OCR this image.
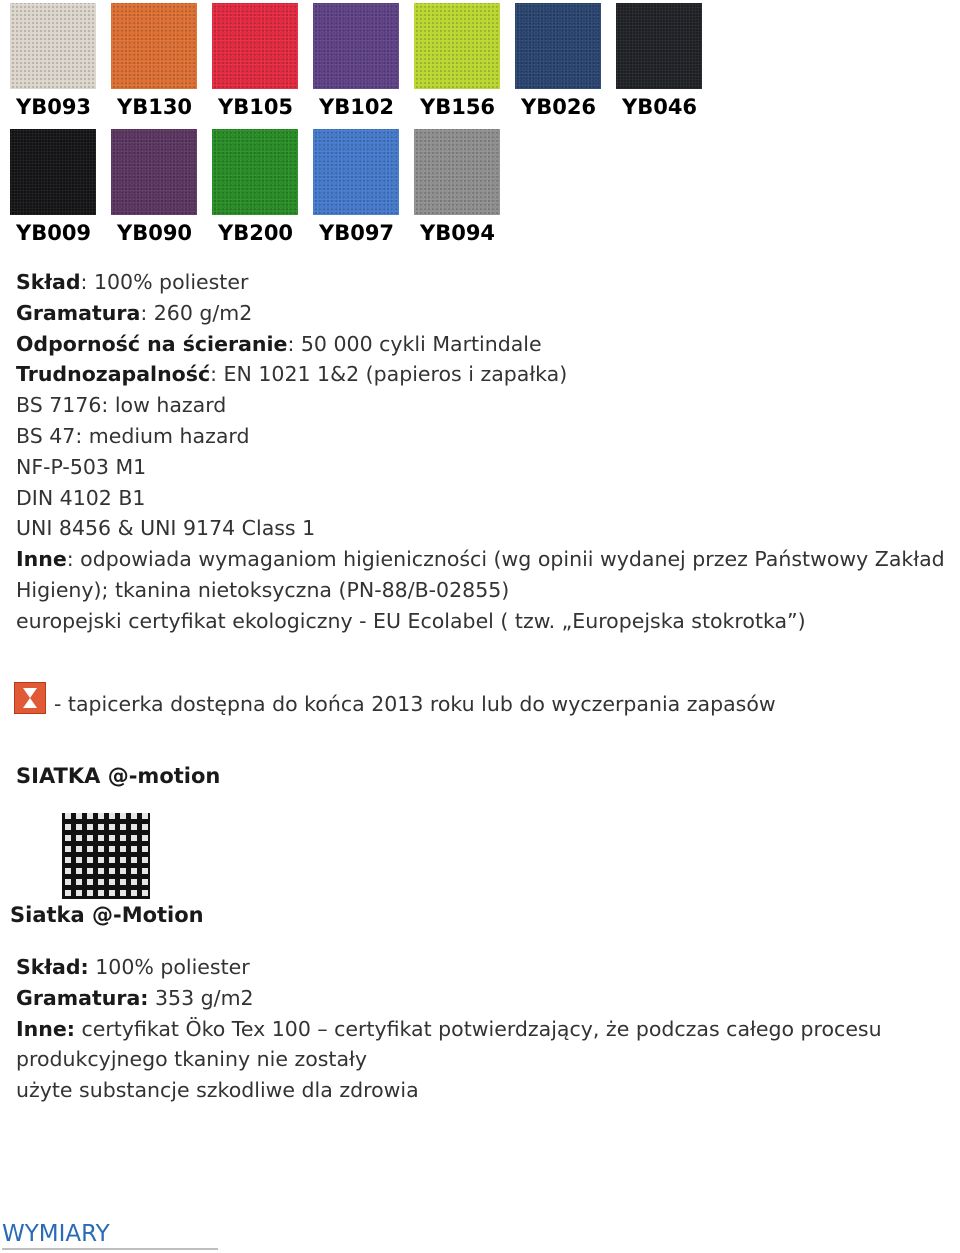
YB093	YB130	YB105	YB102	YB156	YB026	YB046
YB009	YB090	YB200	YB097	YB094
Skład: 100% poliester
Gramatura: 260 g/m2
Odporność na ścieranie: 50 000 cykli Martindale
Trudnozapalność: EN 1021 1&2 (papieros i zapałka)
BS 7176: low hazard
BS 47: medium hazard
NF-P-503 M1
DIN 4102 B1
UNI 8456 & UNI 9174 Class 1
Inne: odpowiada wymaganiom higieniczności (wg opinii wydanej przez Państwowy Zakład
Higieny); tkanina nietoksyczna (PN-88/B-02855)
europejski certyfikat ekologiczny - EU Ecolabel ( tzw. „Europejska stokrotka”)
- tapicerka dostępna do końca 2013 roku lub do wyczerpania zapasów
SIATKA @-motion
Siatka @-Motion
Skład: 100% poliester
Gramatura: 353 g/m2
Inne: certyfikat Öko Tex 100 – certyfikat potwierdzający, że podczas całego procesu
produkcyjnego tkaniny nie zostały
użyte substancje szkodliwe dla zdrowia
WYMIARY
